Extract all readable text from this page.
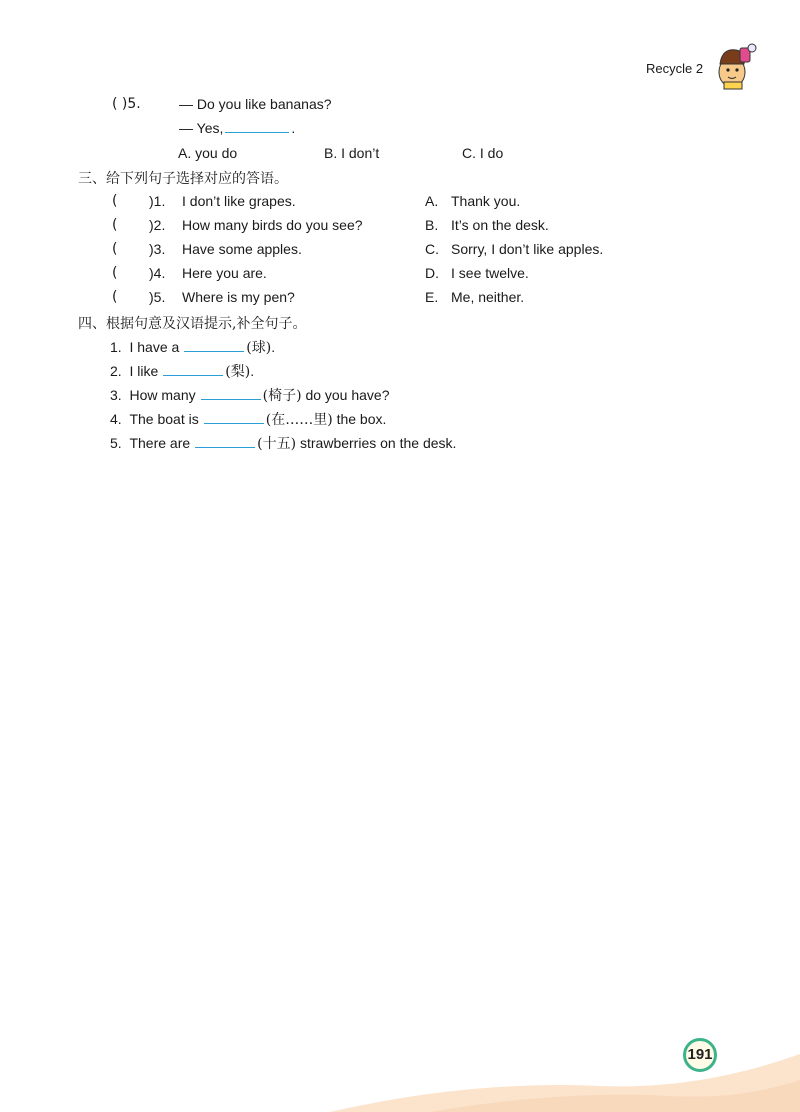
Recycle 2
( )5.	— Do you like bananas?
— Yes,	.
A. you do	B. I don’t	C. I do
三、给下列句子选择对应的答语。
( )1. I don’t like grapes.	A. Thank you.
( )2. How many birds do you see?	B. It’s on the desk.
( )3. Have some apples.	C. Sorry, I don’t like apples.
( )4. Here you are.	D. I see twelve.
( )5. Where is my pen?	E. Me, neither.
四、根据句意及汉语提示,补全句子。
1. I have a	(球).
2. I like	(梨).
3. How many	(椅子) do you have?
4. The boat is	(在……里) the box.
5. There are	(十五) strawberries on the desk.
191
